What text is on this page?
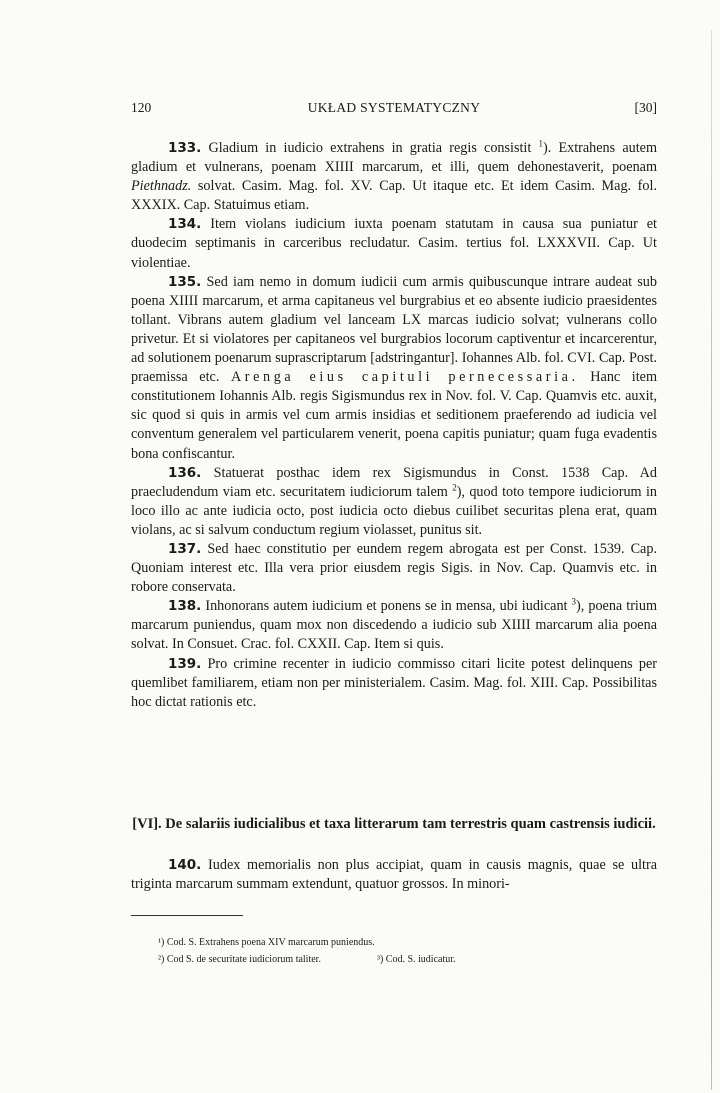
120	UKŁAD SYSTEMATYCZNY	[30]

133. Gladium in iudicio extrahens in gratia regis consistit $^1$). Extrahens autem gladium et vulnerans, poenam XIIII marcarum, et illi, quem dehonestaverit, poenam Piethnadz. solvat. Casim. Mag. fol. XV. Cap. Ut itaque etc. Et idem Casim. Mag. fol. XXXIX. Cap. Statuimus etiam.

134. Item violans iudicium iuxta poenam statutam in causa sua puniatur et duodecim septimanis in carceribus recludatur. Casim. tertius fol. LXXXVII. Cap. Ut violentiae.

135. Sed iam nemo in domum iudicii cum armis quibuscunque intrare audeat sub poena XIIII marcarum, et arma capitaneus vel burgrabius et eo absente iudicio praesidentes tollant. Vibrans autem gladium vel lanceam LX marcas iudicio solvat; vulnerans collo privetur. Et si violatores per capitaneos vel burgrabios locorum captiventur et incarcerentur, ad solutionem poenarum suprascriptarum [adstringantur]. Iohannes Alb. fol. CVI. Cap. Post. praemissa etc. Arenga eius capituli pernecessaria. Hanc item constitutionem Iohannis Alb. regis Sigismundus rex in Nov. fol. V. Cap. Quamvis etc. auxit, sic quod si quis in armis vel cum armis insidias et seditionem praeferendo ad iudicia vel conventum generalem vel particularem venerit, poena capitis puniatur; quam fuga evadentis bona confiscantur.

136. Statuerat posthac idem rex Sigismundus in Const. 1538 Cap. Ad praecludendum viam etc. securitatem iudiciorum talem $^2$), quod toto tempore iudiciorum in loco illo ac ante iudicia octo, post iudicia octo diebus cuilibet securitas plena erat, quam violans, ac si salvum conductum regium violasset, punitus sit.

137. Sed haec constitutio per eundem regem abrogata est per Const. 1539. Cap. Quoniam interest etc. Illa vera prior eiusdem regis Sigis. in Nov. Cap. Quamvis etc. in robore conservata.

138. Inhonorans autem iudicium et ponens se in mensa, ubi iudicant $^3$), poena trium marcarum puniendus, quam mox non discedendo a iudicio sub XIIII marcarum alia poena solvat. In Consuet. Crac. fol. CXXII. Cap. Item si quis.

139. Pro crimine recenter in iudicio commisso citari licite potest delinquens per quemlibet familiarem, etiam non per ministerialem. Casim. Mag. fol. XIII. Cap. Possibilitas hoc dictat rationis etc.

[VI]. De salariis iudicialibus et taxa litterarum tam terrestris quam castrensis iudicii.

140. Iudex memorialis non plus accipiat, quam in causis magnis, quae se ultra triginta marcarum summam extendunt, quatuor grossos. In minori-

¹) Cod. S. Extrahens poena XIV marcarum puniendus.
²) Cod S. de securitate iudiciorum taliter.	³) Cod. S. iudicatur.
